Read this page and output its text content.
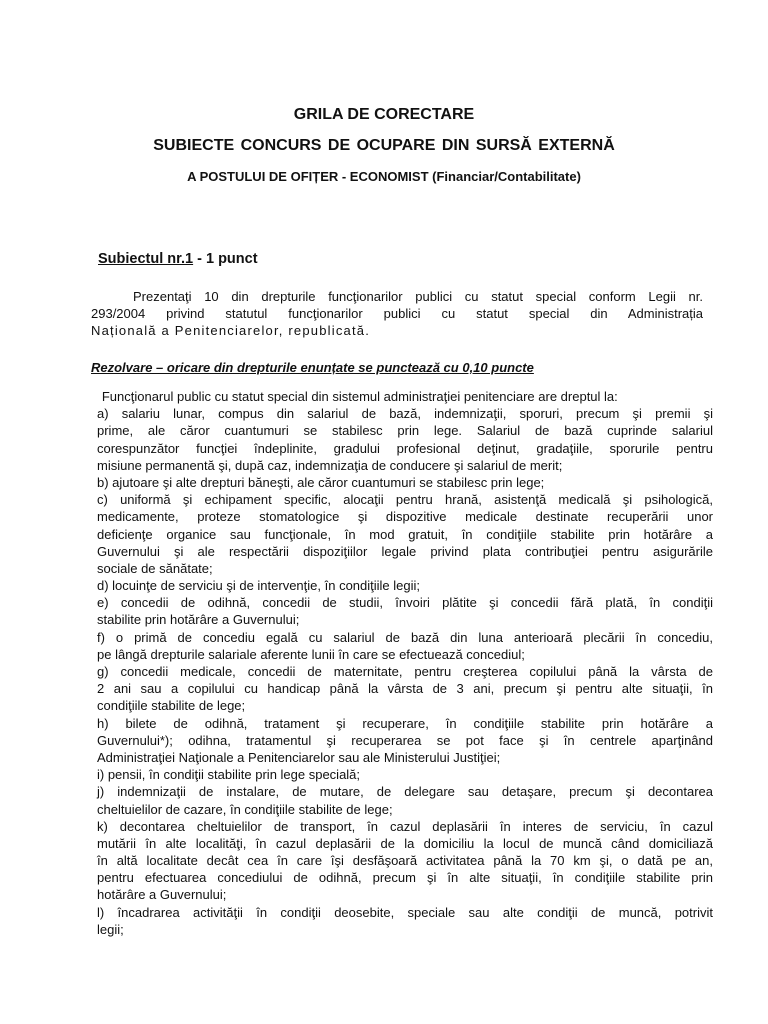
GRILA DE CORECTARE
SUBIECTE CONCURS DE OCUPARE DIN SURSĂ EXTERNĂ
A POSTULUI DE OFIȚER - ECONOMIST (Financiar/Contabilitate)
Subiectul nr.1 - 1 punct
Prezentaţi 10 din drepturile funcţionarilor publici cu statut special conform Legii nr.
293/2004 privind statutul funcţionarilor publici cu statut special din Administrația
Națională a Penitenciarelor, republicată.
Rezolvare – oricare din drepturile enunțate se punctează cu 0,10 puncte
Funcţionarul public cu statut special din sistemul administraţiei penitenciare are dreptul la:
a) salariu lunar, compus din salariul de bază, indemnizaţii, sporuri, precum şi premii şi
prime, ale căror cuantumuri se stabilesc prin lege. Salariul de bază cuprinde salariul
corespunzător funcţiei îndeplinite, gradului profesional deţinut, gradaţiile, sporurile pentru
misiune permanentă şi, după caz, indemnizaţia de conducere şi salariul de merit;
b) ajutoare şi alte drepturi băneşti, ale căror cuantumuri se stabilesc prin lege;
c) uniformă şi echipament specific, alocaţii pentru hrană, asistenţă medicală şi psihologică,
medicamente, proteze stomatologice şi dispozitive medicale destinate recuperării unor
deficienţe organice sau funcţionale, în mod gratuit, în condiţiile stabilite prin hotărâre a
Guvernului şi ale respectării dispoziţiilor legale privind plata contribuţiei pentru asigurările
sociale de sănătate;
d) locuinţe de serviciu şi de intervenţie, în condiţiile legii;
e) concedii de odihnă, concedii de studii, învoiri plătite şi concedii fără plată, în condiţii
stabilite prin hotărâre a Guvernului;
f) o primă de concediu egală cu salariul de bază din luna anterioară plecării în concediu,
pe lângă drepturile salariale aferente lunii în care se efectuează concediul;
g) concedii medicale, concedii de maternitate, pentru creşterea copilului până la vârsta de
2 ani sau a copilului cu handicap până la vârsta de 3 ani, precum şi pentru alte situaţii, în
condiţiile stabilite de lege;
h) bilete de odihnă, tratament şi recuperare, în condiţiile stabilite prin hotărâre a
Guvernului*); odihna, tratamentul şi recuperarea se pot face şi în centrele aparţinând
Administraţiei Naţionale a Penitenciarelor sau ale Ministerului Justiţiei;
i) pensii, în condiţii stabilite prin lege specială;
j) indemnizaţii de instalare, de mutare, de delegare sau detaşare, precum şi decontarea
cheltuielilor de cazare, în condiţiile stabilite de lege;
k) decontarea cheltuielilor de transport, în cazul deplasării în interes de serviciu, în cazul
mutării în alte localităţi, în cazul deplasării de la domiciliu la locul de muncă când domiciliază
în altă localitate decât cea în care îşi desfăşoară activitatea până la 70 km şi, o dată pe an,
pentru efectuarea concediului de odihnă, precum şi în alte situaţii, în condiţiile stabilite prin
hotărâre a Guvernului;
l) încadrarea activităţii în condiţii deosebite, speciale sau alte condiţii de muncă, potrivit
legii;
